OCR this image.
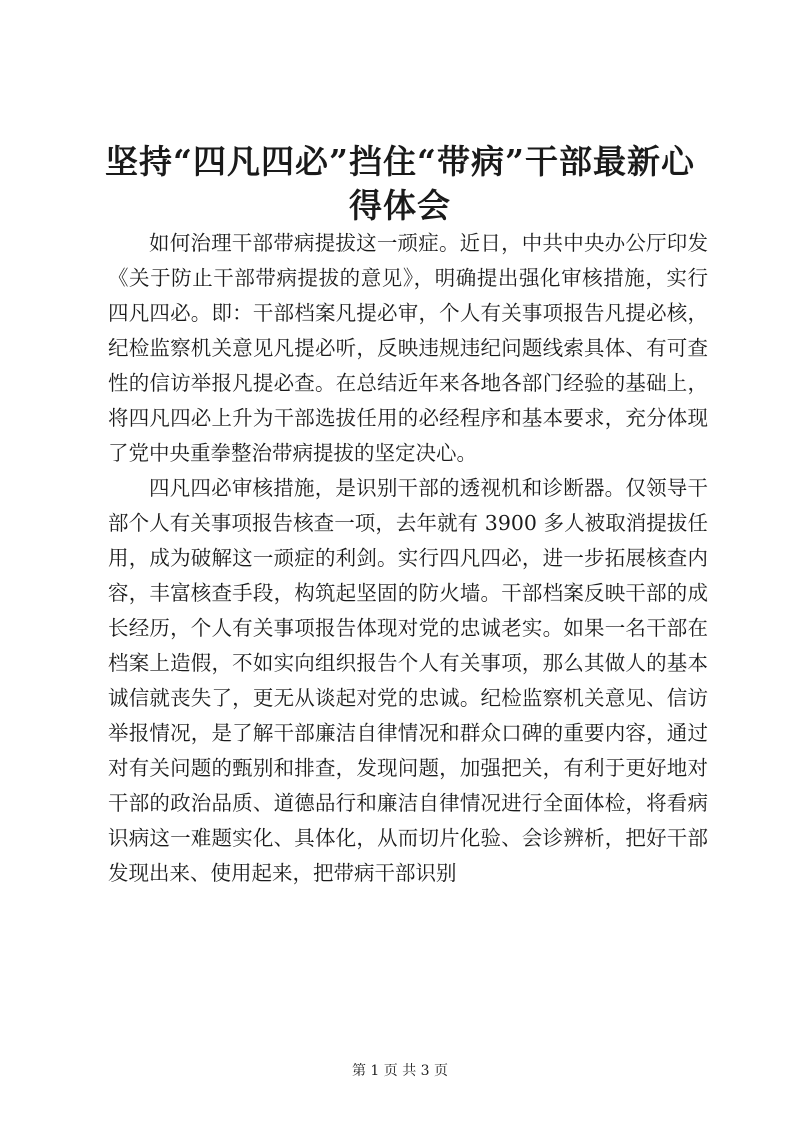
坚持“四凡四必”挡住“带病”干部最新心得体会

如何治理干部带病提拔这一顽症。近日，中共中央办公厅印发《关于防止干部带病提拔的意见》，明确提出强化审核措施，实行四凡四必。即：干部档案凡提必审，个人有关事项报告凡提必核，纪检监察机关意见凡提必听，反映违规违纪问题线索具体、有可查性的信访举报凡提必查。在总结近年来各地各部门经验的基础上，将四凡四必上升为干部选拔任用的必经程序和基本要求，充分体现了党中央重拳整治带病提拔的坚定决心。

四凡四必审核措施，是识别干部的透视机和诊断器。仅领导干部个人有关事项报告核查一项，去年就有 3900 多人被取消提拔任用，成为破解这一顽症的利剑。实行四凡四必，进一步拓展核查内容，丰富核查手段，构筑起坚固的防火墙。干部档案反映干部的成长经历，个人有关事项报告体现对党的忠诚老实。如果一名干部在档案上造假，不如实向组织报告个人有关事项，那么其做人的基本诚信就丧失了，更无从谈起对党的忠诚。纪检监察机关意见、信访举报情况，是了解干部廉洁自律情况和群众口碑的重要内容，通过对有关问题的甄别和排查，发现问题，加强把关，有利于更好地对干部的政治品质、道德品行和廉洁自律情况进行全面体检，将看病识病这一难题实化、具体化，从而切片化验、会诊辨析，把好干部发现出来、使用起来，把带病干部识别

第 1 页 共 3 页
